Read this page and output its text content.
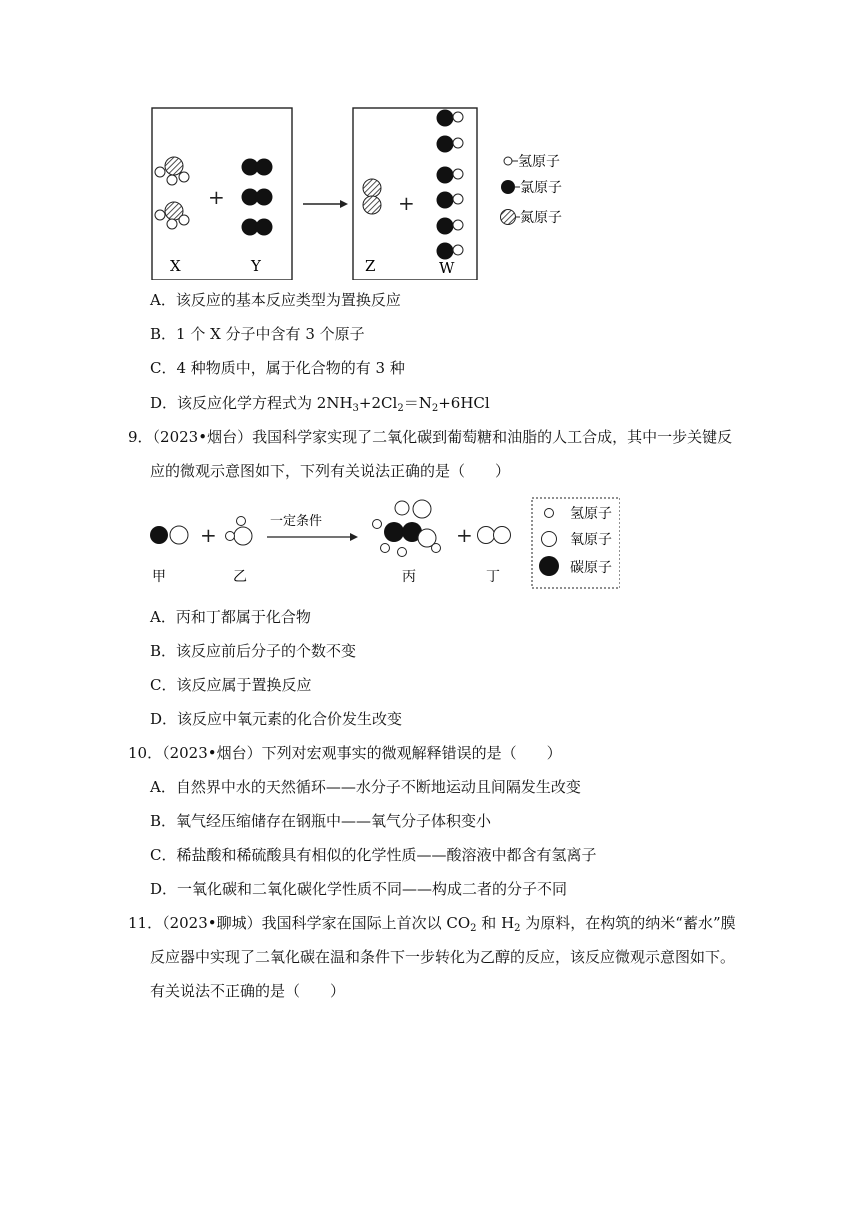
+
X	Y
+
Z	W
氢原子
氯原子
氮原子
A．该反应的基本反应类型为置换反应
B．1 个 X 分子中含有 3 个原子
C．4 种物质中，属于化合物的有 3 种
D．该反应化学方程式为 $2NH_3+2Cl_2=N_2+6HCl$
9．（2023•烟台）我国科学家实现了二氧化碳到葡萄糖和油脂的人工合成，其中一步关键反
应的微观示意图如下，下列有关说法正确的是（　　）
+
一定条件
+
甲	乙	丙	丁
氢原子
氧原子
碳原子
A．丙和丁都属于化合物
B．该反应前后分子的个数不变
C．该反应属于置换反应
D．该反应中氧元素的化合价发生改变
10．（2023•烟台）下列对宏观事实的微观解释错误的是（　　）
A．自然界中水的天然循环——水分子不断地运动且间隔发生改变
B．氧气经压缩储存在钢瓶中——氧气分子体积变小
C．稀盐酸和稀硫酸具有相似的化学性质——酸溶液中都含有氢离子
D．一氧化碳和二氧化碳化学性质不同——构成二者的分子不同
11．（2023•聊城）我国科学家在国际上首次以 $CO_2$ 和 $H_2$ 为原料，在构筑的纳米“蓄水”膜
反应器中实现了二氧化碳在温和条件下一步转化为乙醇的反应，该反应微观示意图如下。
有关说法不正确的是（　　）
